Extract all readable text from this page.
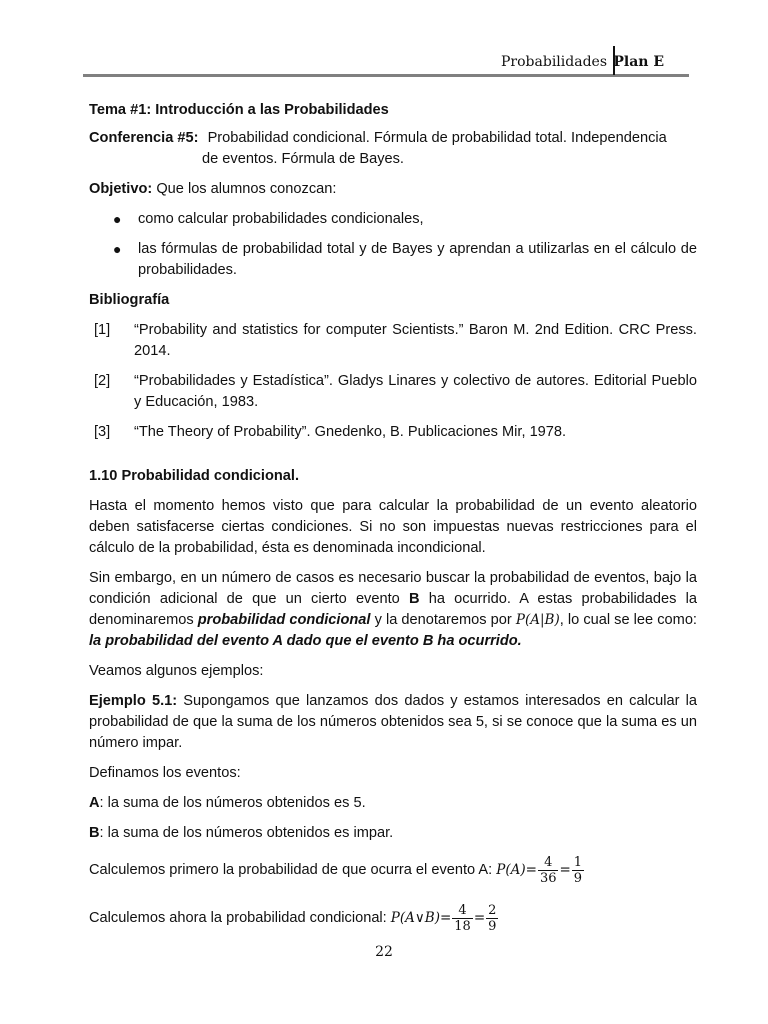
Probabilidades Plan E

Tema #1: Introducción a las Probabilidades

Conferencia #5: Probabilidad condicional. Fórmula de probabilidad total. Independencia

de eventos. Fórmula de Bayes.

Objetivo: Que los alumnos conozcan:

● como calcular probabilidades condicionales,
● las fórmulas de probabilidad total y de Bayes y aprendan a utilizarlas en el cálculo de probabilidades.

Bibliografía

[1] “Probability and statistics for computer Scientists.” Baron M. 2nd Edition. CRC Press. 2014.
[2] “Probabilidades y Estadística”. Gladys Linares y colectivo de autores. Editorial Pueblo y Educación, 1983.
[3] “The Theory of Probability”. Gnedenko, B. Publicaciones Mir, 1978.

1.10 Probabilidad condicional.

Hasta el momento hemos visto que para calcular la probabilidad de un evento aleatorio deben satisfacerse ciertas condiciones. Si no son impuestas nuevas restricciones para el cálculo de la probabilidad, ésta es denominada incondicional.

Sin embargo, en un número de casos es necesario buscar la probabilidad de eventos, bajo la condición adicional de que un cierto evento B ha ocurrido. A estas probabilidades la denominaremos probabilidad condicional y la denotaremos por P(A|B), lo cual se lee como: la probabilidad del evento A dado que el evento B ha ocurrido.

Veamos algunos ejemplos:

Ejemplo 5.1: Supongamos que lanzamos dos dados y estamos interesados en calcular la probabilidad de que la suma de los números obtenidos sea 5, si se conoce que la suma es un número impar.

Definamos los eventos:

A: la suma de los números obtenidos es 5.

B: la suma de los números obtenidos es impar.

Calculemos primero la probabilidad de que ocurra el evento A: $P(A)= \frac{4}{36} = \frac{1}{9}$

Calculemos ahora la probabilidad condicional: P(A∨B)= $\frac{4}{18} = \frac{2}{9}$

22
